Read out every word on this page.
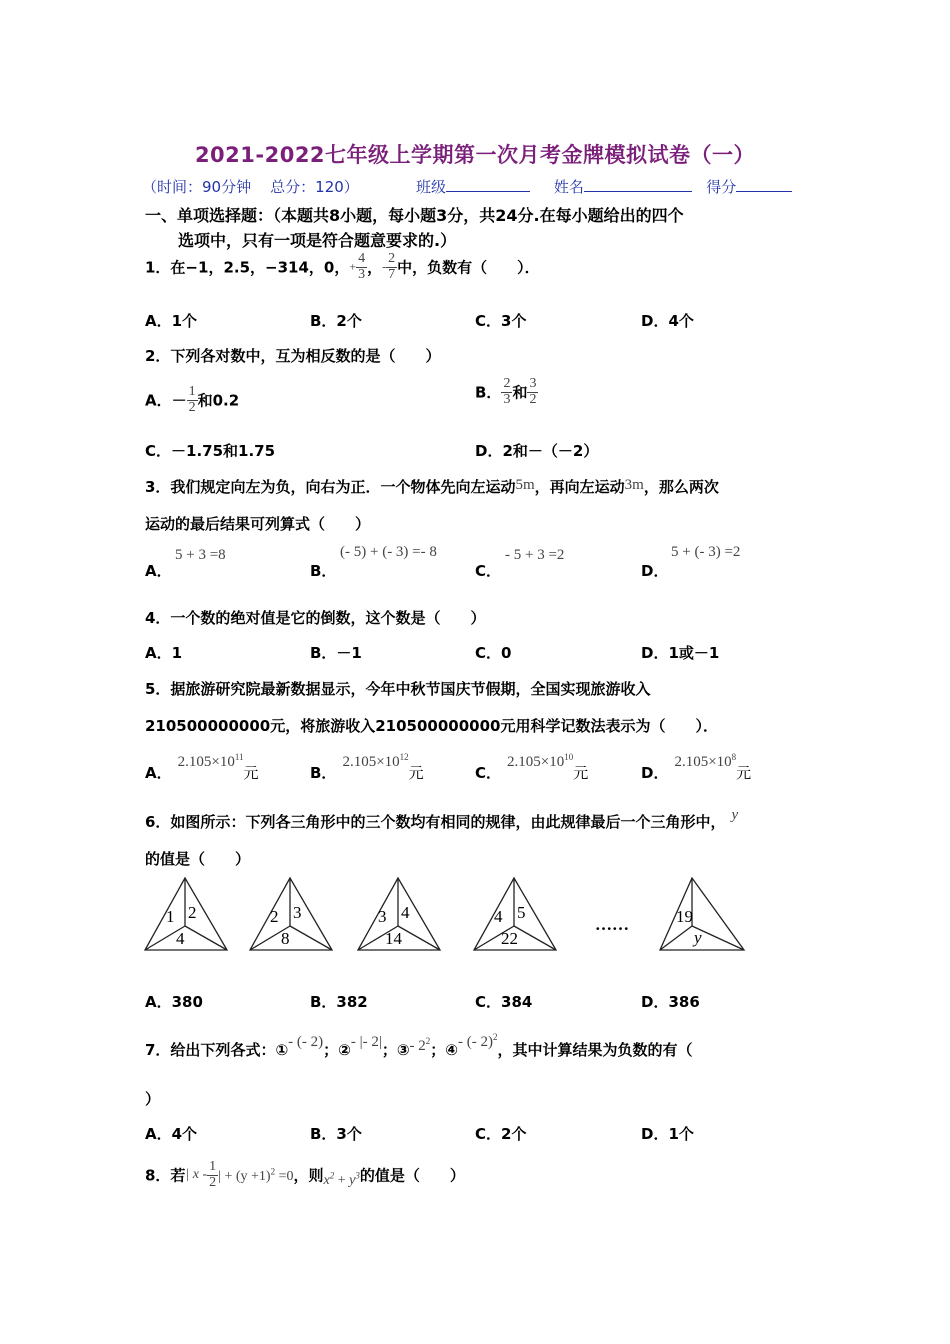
2021-2022七年级上学期第一次月考金牌模拟试卷（一）
（时间：90分钟 总分：120）	班级	姓名	得分
一、单项选择题：（本题共8小题，每小题3分，共24分.在每小题给出的四个
选项中，只有一项是符合题意要求的.）
1．在−1，2.5，−314，0，+ $\frac{4}{3}$ ，- $\frac{2}{7}$ 中，负数有（　　）．
A．1个	B．2个	C．3个	D．4个
2．下列各对数中，互为相反数的是（　　）
A．－ $\frac{1}{2}$ 和0.2	B． $\frac{2}{3}$ 和 $\frac{3}{2}$
C．－1.75和1.75	D．2和－（－2）
3．我们规定向左为负，向右为正．一个物体先向左运动5m，再向左运动3m，那么两次
运动的最后结果可列算式（　　）
A．
5 + 3 =8
B．
(- 5) + (- 3) =- 8
C．
- 5 + 3 =2
D．
5 + (- 3) =2
4．一个数的绝对值是它的倒数，这个数是（　　）
A．1	B．－1	C．0	D．1或－1
5．据旅游研究院最新数据显示，今年中秋节国庆节假期，全国实现旅游收入
210500000000元，将旅游收入210500000000元用科学记数法表示为（　　）．
A．$2.105\times 10^{11}$元	B．$2.105\times 10^{12}$元	C．$2.105\times 10^{10}$元	D．$2.105\times 10^8$元
6．如图所示：下列各三角形中的三个数均有相同的规律，由此规律最后一个三角形中， y
的值是（　　）
1 2
4
2 3
8
3 4
14
4 5
22
……	19
y
A．380	B．382	C．384	D．386
7．给出下列各式：①- (- 2)；②- |- 2|；③- $2^2$；④- (- 2)$^2$，其中计算结果为负数的有（
）
A．4个	B．3个	C．2个	D．1个
8．若| x - $\frac{1}{2}$ | + $(y +1)^2 =0$，则$x^2 + y^3$的值是（　　）
